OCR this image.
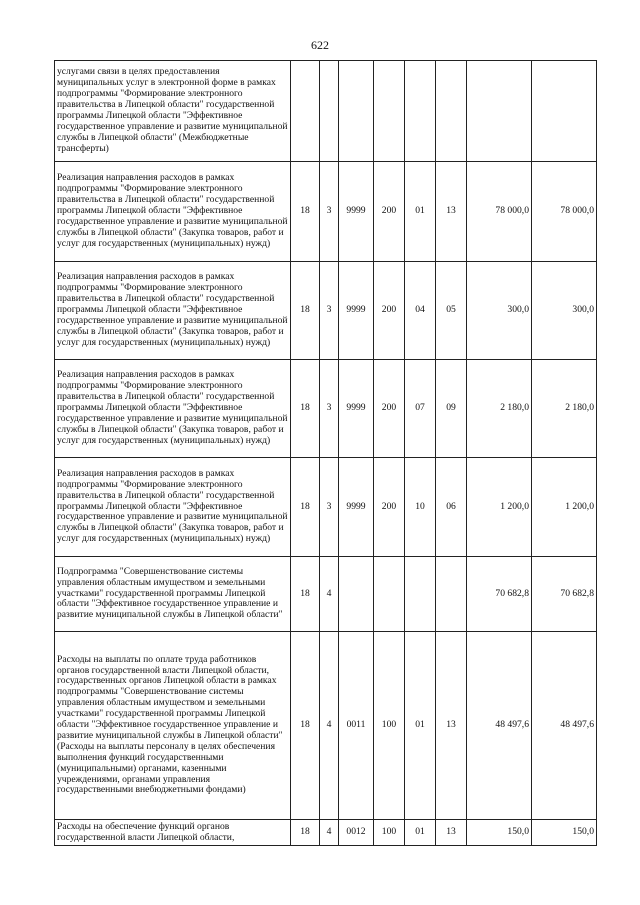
622
услугами связи в целях предоставления муниципальных услуг в электронной форме в рамках подпрограммы "Формирование электронного правительства в Липецкой области" государственной программы Липецкой области "Эффективное государственное управление и развитие муниципальной службы в Липецкой области" (Межбюджетные трансферты)								
Реализация направления расходов в рамках подпрограммы "Формирование электронного правительства в Липецкой области" государственной программы Липецкой области "Эффективное государственное управление и развитие муниципальной службы в Липецкой области" (Закупка товаров, работ и услуг для государственных (муниципальных) нужд)	18	3	9999	200	01	13	78 000,0	78 000,0
Реализация направления расходов в рамках подпрограммы "Формирование электронного правительства в Липецкой области" государственной программы Липецкой области "Эффективное государственное управление и развитие муниципальной службы в Липецкой области" (Закупка товаров, работ и услуг для государственных (муниципальных) нужд)	18	3	9999	200	04	05	300,0	300,0
Реализация направления расходов в рамках подпрограммы "Формирование электронного правительства в Липецкой области" государственной программы Липецкой области "Эффективное государственное управление и развитие муниципальной службы в Липецкой области" (Закупка товаров, работ и услуг для государственных (муниципальных) нужд)	18	3	9999	200	07	09	2 180,0	2 180,0
Реализация направления расходов в рамках подпрограммы "Формирование электронного правительства в Липецкой области" государственной программы Липецкой области "Эффективное государственное управление и развитие муниципальной службы в Липецкой области" (Закупка товаров, работ и услуг для государственных (муниципальных) нужд)	18	3	9999	200	10	06	1 200,0	1 200,0
Подпрограмма "Совершенствование системы управления областным имуществом и земельными участками" государственной программы Липецкой области "Эффективное государственное управление и развитие муниципальной службы в Липецкой области"	18	4					70 682,8	70 682,8
Расходы на выплаты по оплате труда работников органов государственной власти Липецкой области, государственных органов Липецкой области в рамках подпрограммы "Совершенствование системы управления областным имуществом и земельными участками" государственной программы Липецкой области "Эффективное государственное управление и развитие муниципальной службы в Липецкой области" (Расходы на выплаты персоналу в целях обеспечения выполнения функций государственными (муниципальными) органами, казенными учреждениями, органами управления государственными внебюджетными фондами)	18	4	0011	100	01	13	48 497,6	48 497,6
Расходы на обеспечение функций органов государственной власти Липецкой области,	18	4	0012	100	01	13	150,0	150,0
